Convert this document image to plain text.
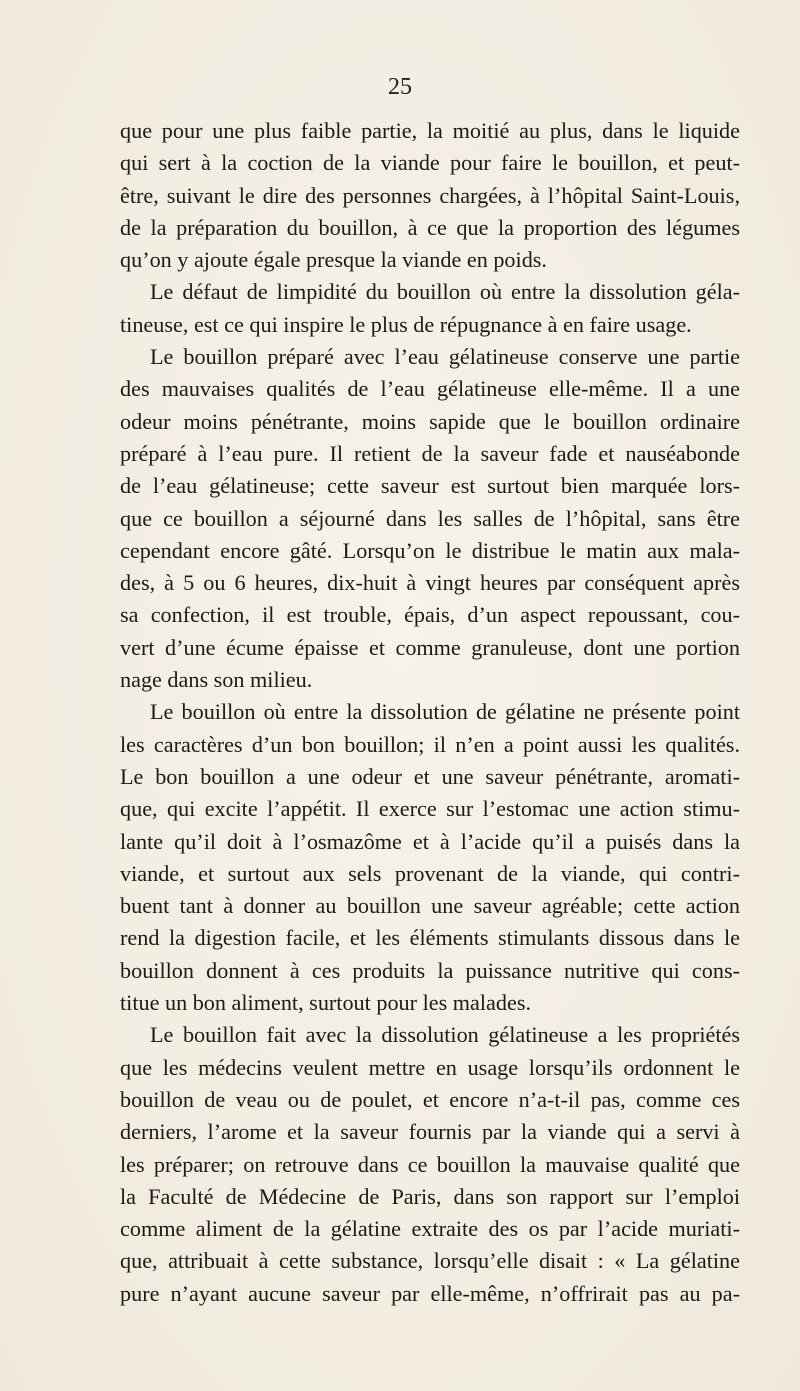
25
que pour une plus faible partie, la moitié au plus, dans le liquide
qui sert à la coction de la viande pour faire le bouillon, et peut-
être, suivant le dire des personnes chargées, à l’hôpital Saint-Louis,
de la préparation du bouillon, à ce que la proportion des légumes
qu’on y ajoute égale presque la viande en poids.
Le défaut de limpidité du bouillon où entre la dissolution géla-
tineuse, est ce qui inspire le plus de répugnance à en faire usage.
Le bouillon préparé avec l’eau gélatineuse conserve une partie
des mauvaises qualités de l’eau gélatineuse elle-même. Il a une
odeur moins pénétrante, moins sapide que le bouillon ordinaire
préparé à l’eau pure. Il retient de la saveur fade et nauséabonde
de l’eau gélatineuse; cette saveur est surtout bien marquée lors-
que ce bouillon a séjourné dans les salles de l’hôpital, sans être
cependant encore gâté. Lorsqu’on le distribue le matin aux mala-
des, à 5 ou 6 heures, dix-huit à vingt heures par conséquent après
sa confection, il est trouble, épais, d’un aspect repoussant, cou-
vert d’une écume épaisse et comme granuleuse, dont une portion
nage dans son milieu.
Le bouillon où entre la dissolution de gélatine ne présente point
les caractères d’un bon bouillon; il n’en a point aussi les qualités.
Le bon bouillon a une odeur et une saveur pénétrante, aromati-
que, qui excite l’appétit. Il exerce sur l’estomac une action stimu-
lante qu’il doit à l’osmazôme et à l’acide qu’il a puisés dans la
viande, et surtout aux sels provenant de la viande, qui contri-
buent tant à donner au bouillon une saveur agréable; cette action
rend la digestion facile, et les éléments stimulants dissous dans le
bouillon donnent à ces produits la puissance nutritive qui cons-
titue un bon aliment, surtout pour les malades.
Le bouillon fait avec la dissolution gélatineuse a les propriétés
que les médecins veulent mettre en usage lorsqu’ils ordonnent le
bouillon de veau ou de poulet, et encore n’a-t-il pas, comme ces
derniers, l’arome et la saveur fournis par la viande qui a servi à
les préparer; on retrouve dans ce bouillon la mauvaise qualité que
la Faculté de Médecine de Paris, dans son rapport sur l’emploi
comme aliment de la gélatine extraite des os par l’acide muriati-
que, attribuait à cette substance, lorsqu’elle disait : « La gélatine
pure n’ayant aucune saveur par elle-même, n’offrirait pas au pa-
